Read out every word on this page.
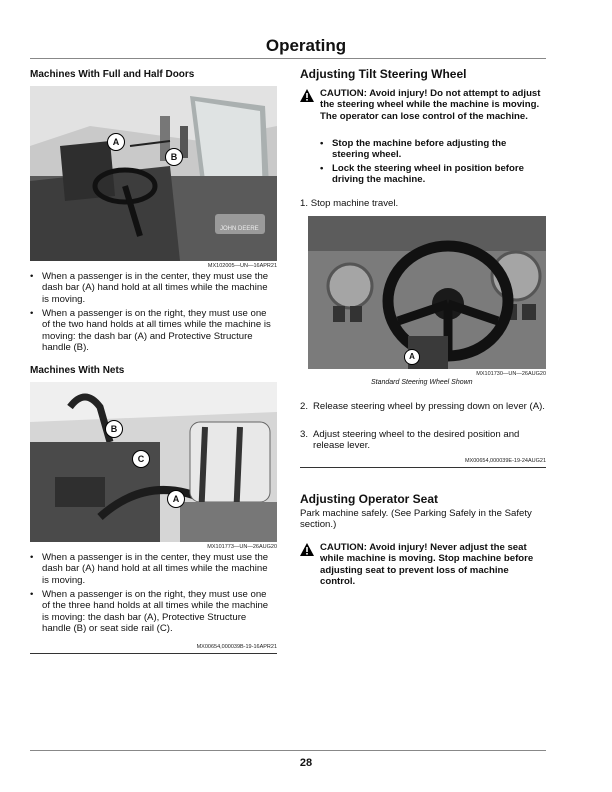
Operating
Machines With Full and Half Doors
A
B
JOHN DEERE
MX102005—UN—16APR21
• When a passenger is in the center, they must use the dash bar (A) hand hold at all times while the machine is moving.
• When a passenger is on the right, they must use one of the two hand holds at all times while the machine is moving: the dash bar (A) and Protective Structure handle (B).
Machines With Nets
B
C
A
MX101773—UN—26AUG20
• When a passenger is in the center, they must use the dash bar (A) hand hold at all times while the machine is moving.
• When a passenger is on the right, they must use one of the three hand holds at all times while the machine is moving: the dash bar (A), Protective Structure handle (B) or seat side rail (C).
MX00654,000039B-19-16APR21
Adjusting Tilt Steering Wheel
CAUTION: Avoid injury! Do not attempt to adjust the steering wheel while the machine is moving. The operator can lose control of the machine.
• Stop the machine before adjusting the steering wheel.
• Lock the steering wheel in position before driving the machine.
1. Stop machine travel.
A
MX101730—UN—26AUG20
Standard Steering Wheel Shown
2. Release steering wheel by pressing down on lever (A).
3. Adjust steering wheel to the desired position and release lever.
MX00654,000039E-19-24AUG21
Adjusting Operator Seat
Park machine safely. (See Parking Safely in the Safety section.)
CAUTION: Avoid injury! Never adjust the seat while machine is moving. Stop machine before adjusting seat to prevent loss of machine control.
28
